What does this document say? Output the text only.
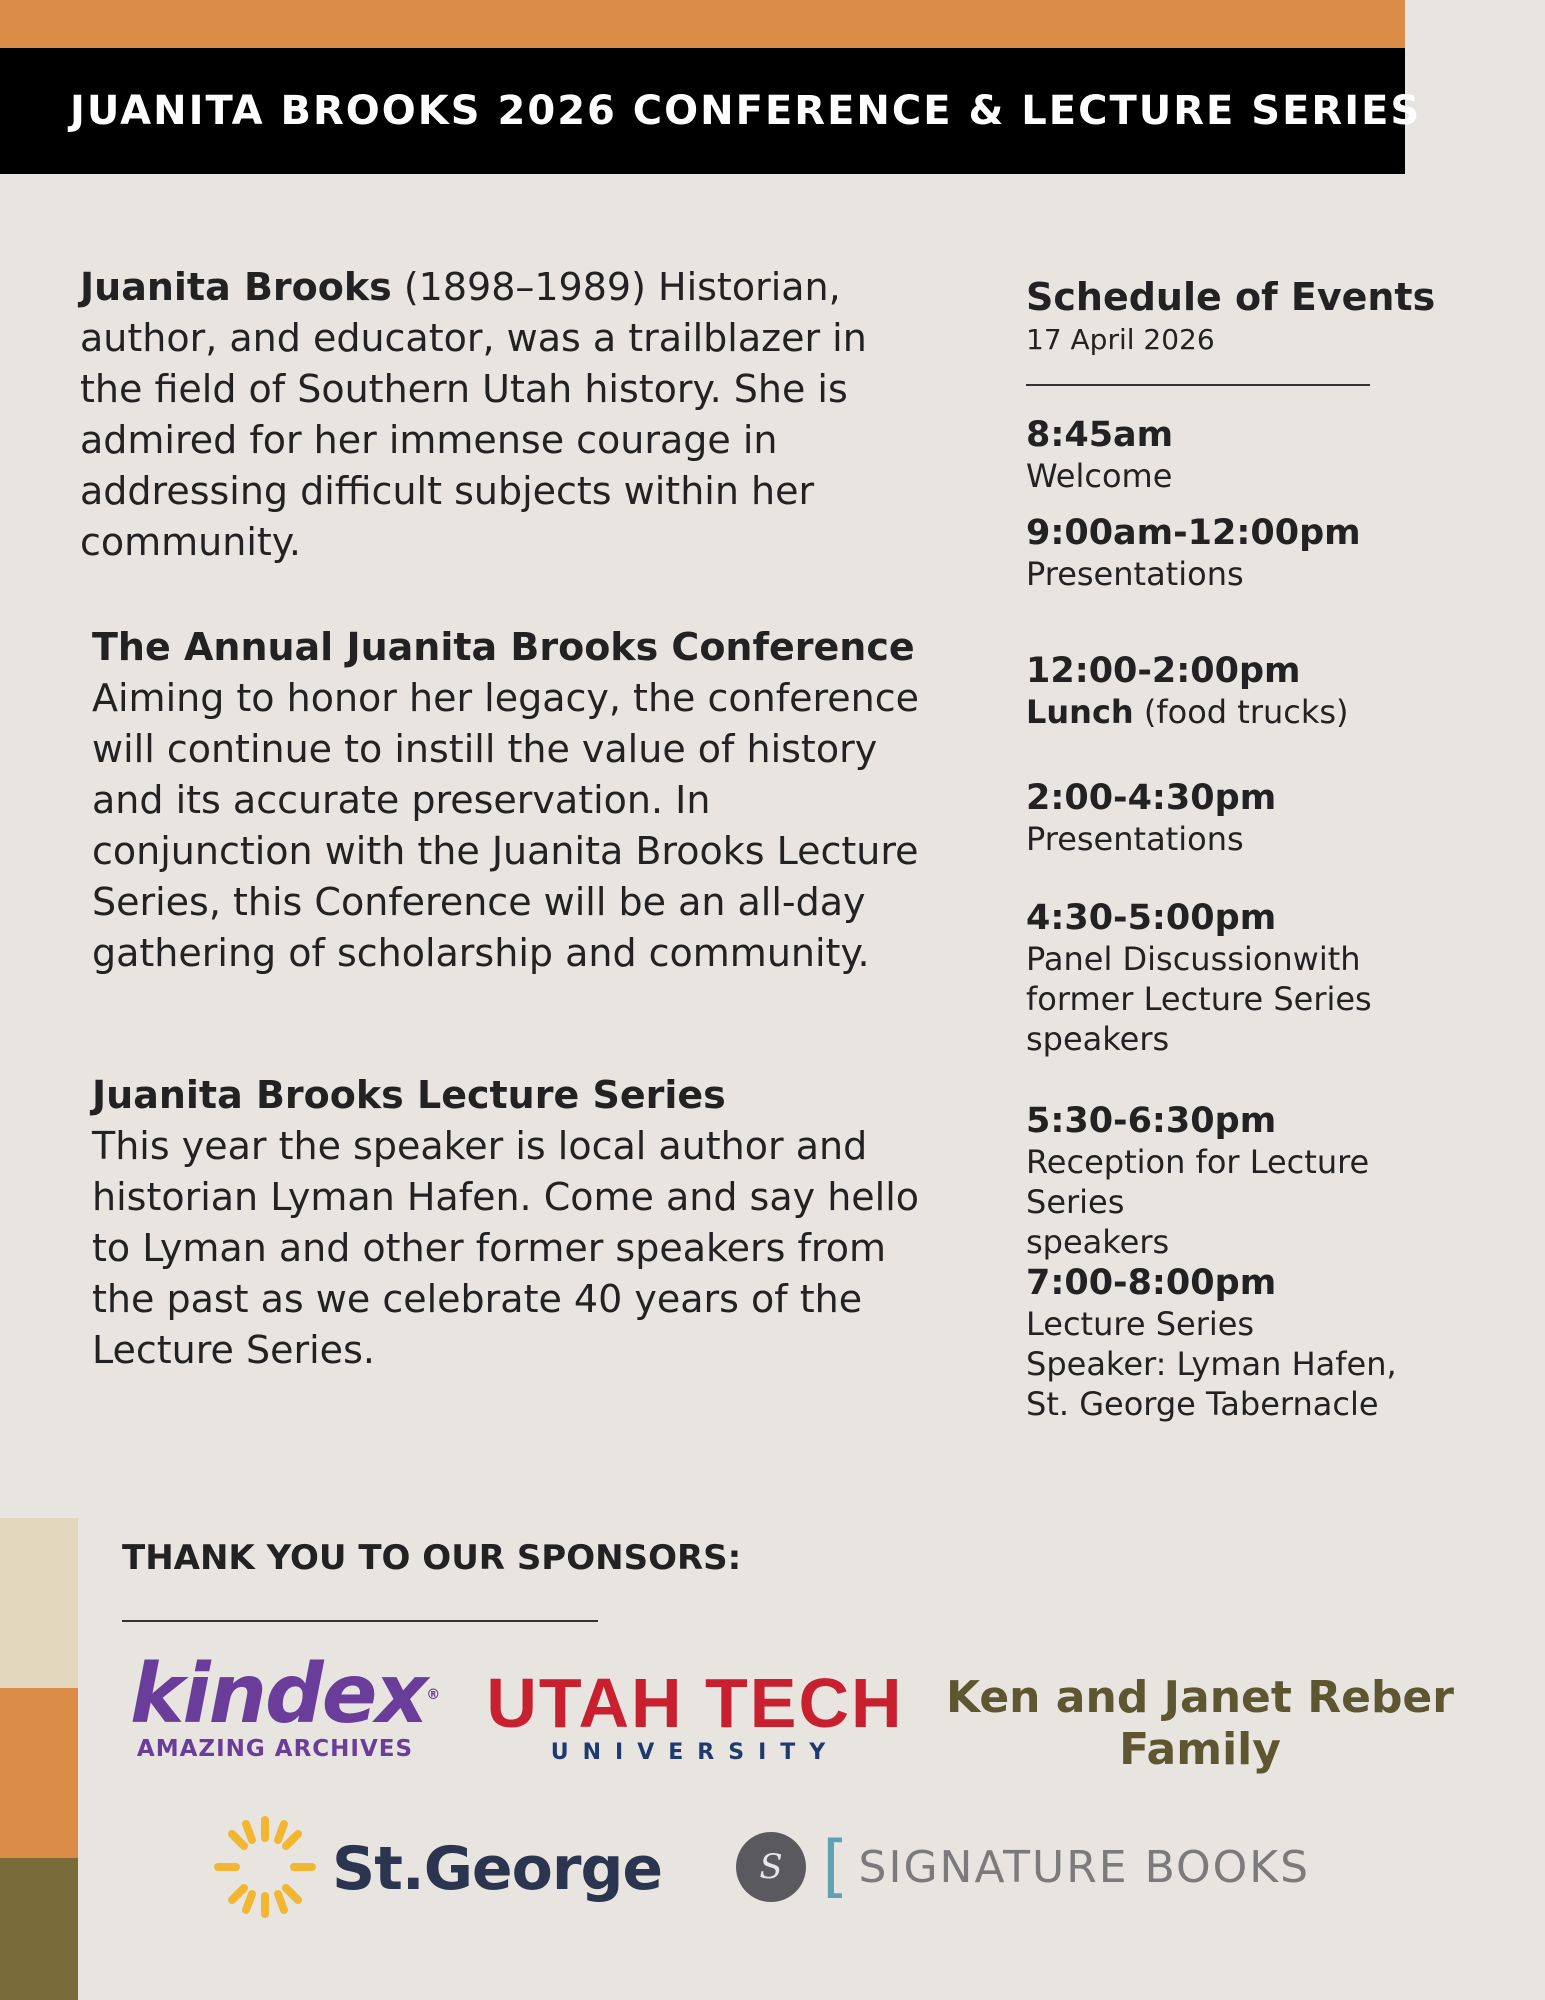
JUANITA BROOKS 2026 CONFERENCE & LECTURE SERIES

Juanita Brooks (1898–1989) Historian, author, and educator, was a trailblazer in the field of Southern Utah history. She is admired for her immense courage in addressing difficult subjects within her community.

The Annual Juanita Brooks Conference

Aiming to honor her legacy, the conference will continue to instill the value of history and its accurate preservation. In conjunction with the Juanita Brooks Lecture Series, this Conference will be an all-day gathering of scholarship and community.

Juanita Brooks Lecture Series

This year the speaker is local author and historian Lyman Hafen. Come and say hello to Lyman and other former speakers from the past as we celebrate 40 years of the Lecture Series.

Schedule of Events

17 April 2026

8:45am

Welcome

9:00am-12:00pm

Presentations

12:00-2:00pm

Lunch (food trucks)

2:00-4:30pm

Presentations

4:30-5:00pm

Panel Discussionwith
former Lecture Series
speakers

5:30-6:30pm

Reception for Lecture
Series
speakers

7:00-8:00pm

Lecture Series
Speaker: Lyman Hafen,
St. George Tabernacle

THANK YOU TO OUR SPONSORS:

kindex®
AMAZING ARCHIVES
UTAH TECH
UNIVERSITY
Ken and Janet Reber Family
St.George	S [ SIGNATURE BOOKS
